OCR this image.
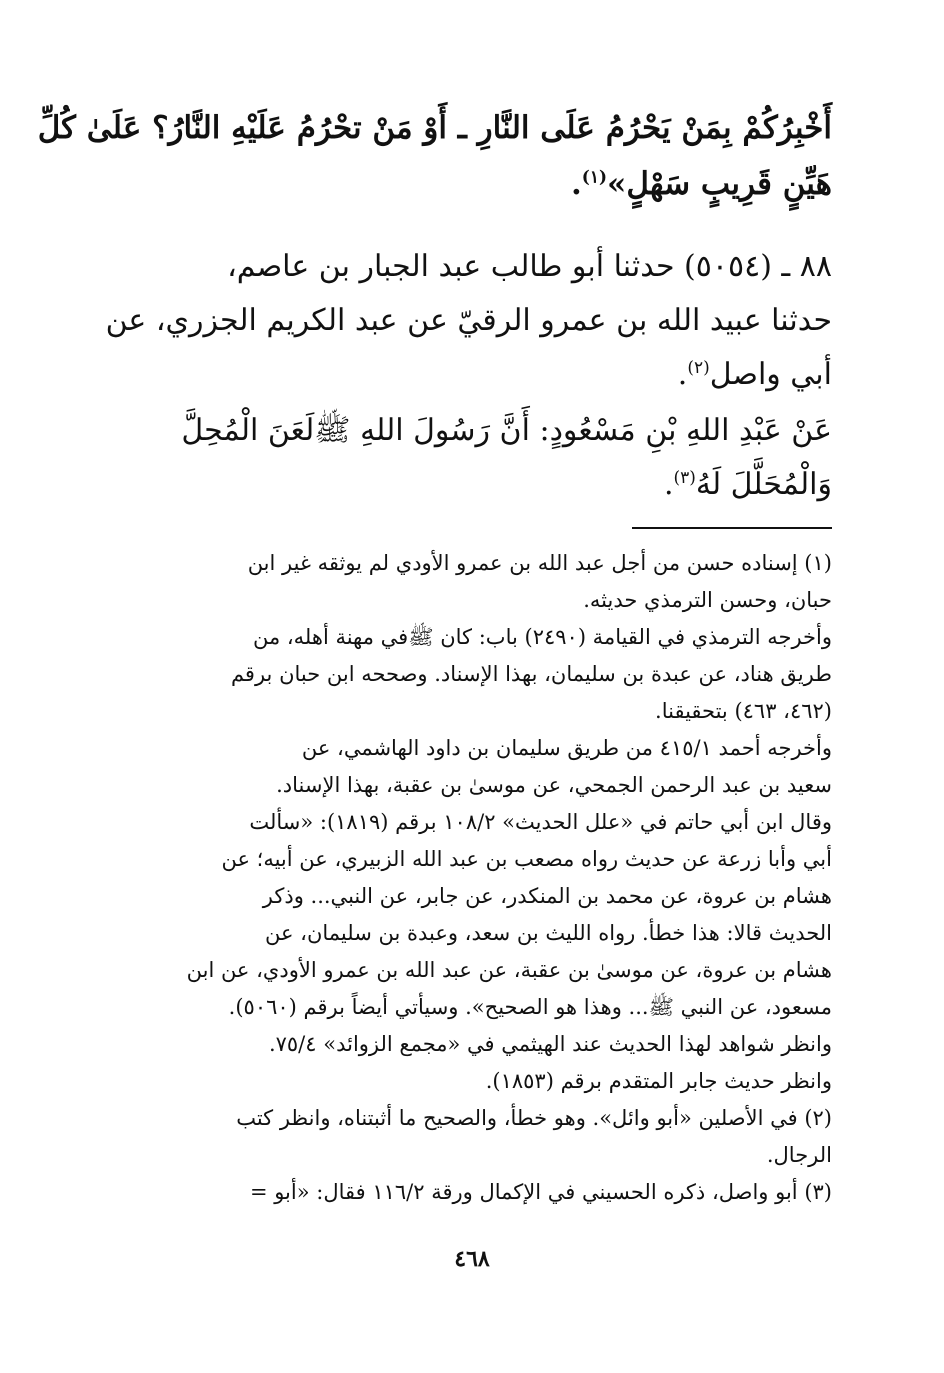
أَخْبِرُكُمْ بِمَنْ يَحْرُمُ عَلَى النَّارِ ـ أَوْ مَنْ تحْرُمُ عَلَيْهِ النَّارُ؟ عَلَىٰ كُلِّ
هَيِّنٍ قَرِيبٍ سَهْلٍ»$^{(١)}$.
٨٨ ـ (٥٠٥٤) حدثنا أبو طالب عبد الجبار بن عاصم،
حدثنا عبيد الله بن عمرو الرقيّ عن عبد الكريم الجزري، عن
أبي واصل$^{(٢)}$.
عَنْ عَبْدِ اللهِ بْنِ مَسْعُودٍ: أَنَّ رَسُولَ اللهِ ﷺلَعَنَ الْمُحِلَّ
وَالْمُحَلَّلَ لَهُ$^{(٣)}$.
(١) إسناده حسن من أجل عبد الله بن عمرو الأودي لم يوثقه غير ابن
حبان، وحسن الترمذي حديثه.
وأخرجه الترمذي في القيامة (٢٤٩٠) باب: كان ﷺفي مهنة أهله، من
طريق هناد، عن عبدة بن سليمان، بهذا الإسناد. وصححه ابن حبان برقم
(٤٦٢، ٤٦٣) بتحقيقنا.
وأخرجه أحمد ٤١٥/١ من طريق سليمان بن داود الهاشمي، عن
سعيد بن عبد الرحمن الجمحي، عن موسىٰ بن عقبة، بهذا الإسناد.
وقال ابن أبي حاتم في «علل الحديث» ١٠٨/٢ برقم (١٨١٩): «سألت
أبي وأبا زرعة عن حديث رواه مصعب بن عبد الله الزبيري، عن أبيه؛ عن
هشام بن عروة، عن محمد بن المنكدر، عن جابر، عن النبي... وذكر
الحديث قالا: هذا خطأ. رواه الليث بن سعد، وعبدة بن سليمان، عن
هشام بن عروة، عن موسىٰ بن عقبة، عن عبد الله بن عمرو الأودي، عن ابن
مسعود، عن النبي ﷺ... وهذا هو الصحيح». وسيأتي أيضاً برقم (٥٠٦٠).
وانظر شواهد لهذا الحديث عند الهيثمي في «مجمع الزوائد» ٧٥/٤.
وانظر حديث جابر المتقدم برقم (١٨٥٣).
(٢) في الأصلين «أبو وائل». وهو خطأ، والصحيح ما أثبتناه، وانظر كتب
الرجال.
(٣) أبو واصل، ذكره الحسيني في الإكمال ورقة ١١٦/٢ فقال: «أبو =
٤٦٨
